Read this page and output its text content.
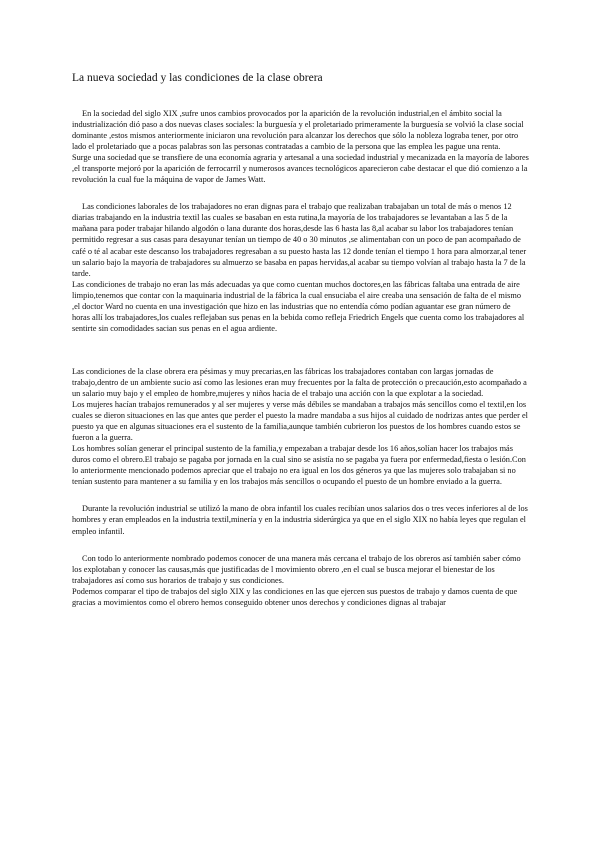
La nueva sociedad y las condiciones de la clase obrera

En la sociedad del siglo XIX ,sufre unos cambios provocados por la aparición de la revolución industrial,en el ámbito social la industrialización dió paso a dos nuevas clases sociales: la burguesía y el proletariado primeramente la burguesía se volvió la clase social dominante ,estos mismos anteriormente iniciaron una revolución para alcanzar los derechos que sólo la nobleza lograba tener, por otro lado el proletariado que a pocas palabras son las personas contratadas a cambio de la persona que las emplea les pague una renta.

Surge una sociedad que se transfiere de una economía agraria y artesanal a una sociedad industrial y mecanizada en la mayoría de labores ,el transporte mejoró por la aparición de ferrocarril y numerosos avances tecnológicos aparecieron cabe destacar el que dió comienzo a la revolución la cual fue la máquina de vapor de James Watt.

Las condiciones laborales de los trabajadores no eran dignas para el trabajo que realizaban trabajaban un total de más o menos 12 diarias trabajando en la industria textil las cuales se basaban en esta rutina,la mayoría de los trabajadores se levantaban a las 5 de la mañana para poder trabajar hilando algodón o lana durante dos horas,desde las 6 hasta las 8,al acabar su labor los trabajadores tenían permitido regresar a sus casas para desayunar tenían un tiempo de 40 o 30 minutos ,se alimentaban con un poco de pan acompañado de café o té al acabar este descanso los trabajadores regresaban a su puesto hasta las 12 donde tenían el tiempo 1 hora para almorzar,al tener un salario bajo la mayoría de trabajadores su almuerzo se basaba en papas hervidas,al acabar su tiempo volvían al trabajo hasta la 7 de la tarde.

Las condiciones de trabajo no eran las más adecuadas ya que como cuentan muchos doctores,en las fábricas faltaba una entrada de aire limpio,tenemos que contar con la maquinaria industrial de la fábrica la cual ensuciaba el aire creaba una sensación de falta de el mismo ,el doctor Ward no cuenta en una investigación que hizo en las industrias que no entendía cómo podían aguantar ese gran número de horas allí los trabajadores,los cuales reflejaban sus penas en la bebida como refleja Friedrich Engels que cuenta como los trabajadores al sentirte sin comodidades sacian sus penas en el agua ardiente.

Las condiciones de la clase obrera era pésimas y muy precarias,en las fábricas los trabajadores contaban con largas jornadas de trabajo,dentro de un ambiente sucio así como las lesiones eran muy frecuentes por la falta de protección o precaución,esto acompañado a un salario muy bajo y el empleo de hombre,mujeres y niños hacia de el trabajo una acción con la que explotar a la sociedad.

Los mujeres hacían trabajos remunerados y al ser mujeres y verse más débiles se mandaban a trabajos más sencillos como el textil,en los cuales se dieron situaciones en las que antes que perder el puesto la madre mandaba a sus hijos al cuidado de nodrizas antes que perder el puesto ya que en algunas situaciones era el sustento de la familia,aunque también cubrieron los puestos de los hombres cuando estos se fueron a la guerra.

Los hombres solían generar el principal sustento de la familia,y empezaban a trabajar desde los 16 años,solían hacer los trabajos más duros como el obrero.El trabajo se pagaba por jornada en la cual sino se asistía no se pagaba ya fuera por enfermedad,fiesta o lesión.Con lo anteriormente mencionado podemos apreciar que el trabajo no era igual en los dos géneros ya que las mujeres solo trabajaban si no tenían sustento para mantener a su familia y en los trabajos más sencillos o ocupando el puesto de un hombre enviado a la guerra.

Durante la revolución industrial se utilizó la mano de obra infantil los cuales recibían unos salarios dos o tres veces inferiores al de los hombres y eran empleados en la industria textil,minería y en la industria siderúrgica ya que en el siglo XIX no había leyes que regulan el empleo infantil.

Con todo lo anteriormente nombrado podemos conocer de una manera más cercana el trabajo de los obreros así también saber cómo los explotaban y conocer las causas,más que justificadas de l movimiento obrero ,en el cual se busca mejorar el bienestar de los trabajadores así como sus horarios de trabajo y sus condiciones.

Podemos comparar el tipo de trabajos del siglo XIX y las condiciones en las que ejercen sus puestos de trabajo y damos cuenta de que gracias a movimientos como el obrero hemos conseguido obtener unos derechos y condiciones dignas al trabajar
